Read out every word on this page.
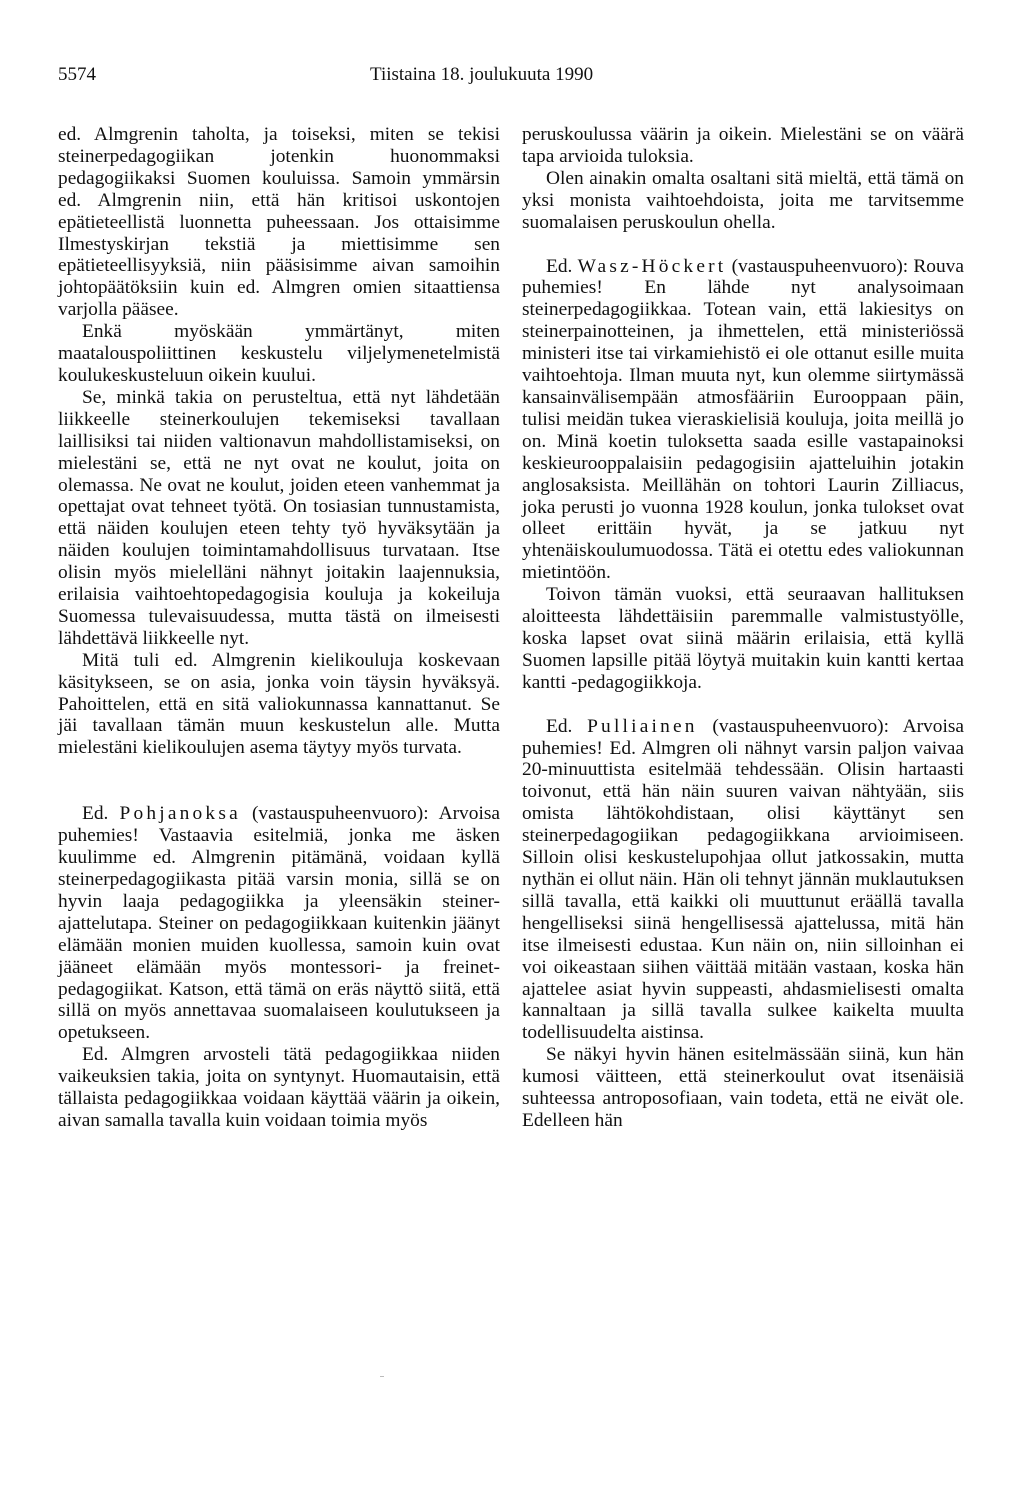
5574	Tiistaina 18. joulukuuta 1990

ed. Almgrenin taholta, ja toiseksi, miten se tekisi steinerpedagogiikan jotenkin huonommaksi pedagogiikaksi Suomen kouluissa. Samoin ymmärsin ed. Almgrenin niin, että hän kritisoi uskontojen epätieteellistä luonnetta puheessaan. Jos ottaisimme Ilmestyskirjan tekstiä ja miettisimme sen epätieteellisyyksiä, niin pääsisimme aivan samoihin johtopäätöksiin kuin ed. Almgren omien sitaattiensa varjolla pääsee.

Enkä myöskään ymmärtänyt, miten maatalouspoliittinen keskustelu viljelymenetelmistä koulukeskusteluun oikein kuului.

Se, minkä takia on perusteltua, että nyt lähdetään liikkeelle steinerkoulujen tekemiseksi tavallaan laillisiksi tai niiden valtionavun mahdollistamiseksi, on mielestäni se, että ne nyt ovat ne koulut, joita on olemassa. Ne ovat ne koulut, joiden eteen vanhemmat ja opettajat ovat tehneet työtä. On tosiasian tunnustamista, että näiden koulujen eteen tehty työ hyväksytään ja näiden koulujen toimintamahdollisuus turvataan. Itse olisin myös mielelläni nähnyt joitakin laajennuksia, erilaisia vaihtoehtopedagogisia kouluja ja kokeiluja Suomessa tulevaisuudessa, mutta tästä on ilmeisesti lähdettävä liikkeelle nyt.

Mitä tuli ed. Almgrenin kielikouluja koskevaan käsitykseen, se on asia, jonka voin täysin hyväksyä. Pahoittelen, että en sitä valiokunnassa kannattanut. Se jäi tavallaan tämän muun keskustelun alle. Mutta mielestäni kielikoulujen asema täytyy myös turvata.

Ed. Pohjanoksa (vastauspuheenvuoro): Arvoisa puhemies! Vastaavia esitelmiä, jonka me äsken kuulimme ed. Almgrenin pitämänä, voidaan kyllä steinerpedagogiikasta pitää varsin monia, sillä se on hyvin laaja pedagogiikka ja yleensäkin steiner-ajattelutapa. Steiner on pedagogiikkaan kuitenkin jäänyt elämään monien muiden kuollessa, samoin kuin ovat jääneet elämään myös montessori- ja freinet-pedagogiikat. Katson, että tämä on eräs näyttö siitä, että sillä on myös annettavaa suomalaiseen koulutukseen ja opetukseen.

Ed. Almgren arvosteli tätä pedagogiikkaa niiden vaikeuksien takia, joita on syntynyt. Huomautaisin, että tällaista pedagogiikkaa voidaan käyttää väärin ja oikein, aivan samalla tavalla kuin voidaan toimia myös

peruskoulussa väärin ja oikein. Mielestäni se on väärä tapa arvioida tuloksia.

Olen ainakin omalta osaltani sitä mieltä, että tämä on yksi monista vaihtoehdoista, joita me tarvitsemme suomalaisen peruskoulun ohella.

Ed. Wasz-Höckert (vastauspuheenvuoro): Rouva puhemies! En lähde nyt analysoimaan steinerpedagogiikkaa. Totean vain, että lakiesitys on steinerpainotteinen, ja ihmettelen, että ministeriössä ministeri itse tai virkamiehistö ei ole ottanut esille muita vaihtoehtoja. Ilman muuta nyt, kun olemme siirtymässä kansainvälisempään atmosfääriin Eurooppaan päin, tulisi meidän tukea vieraskielisiä kouluja, joita meillä jo on. Minä koetin tuloksetta saada esille vastapainoksi keskieurooppalaisiin pedagogisiin ajatteluihin jotakin anglosaksista. Meillähän on tohtori Laurin Zilliacus, joka perusti jo vuonna 1928 koulun, jonka tulokset ovat olleet erittäin hyvät, ja se jatkuu nyt yhtenäiskoulumuodossa. Tätä ei otettu edes valiokunnan mietintöön.

Toivon tämän vuoksi, että seuraavan hallituksen aloitteesta lähdettäisiin paremmalle valmistustyölle, koska lapset ovat siinä määrin erilaisia, että kyllä Suomen lapsille pitää löytyä muitakin kuin kantti kertaa kantti -pedagogiikkoja.

Ed. Pulliainen (vastauspuheenvuoro): Arvoisa puhemies! Ed. Almgren oli nähnyt varsin paljon vaivaa 20-minuuttista esitelmää tehdessään. Olisin hartaasti toivonut, että hän näin suuren vaivan nähtyään, siis omista lähtökohdistaan, olisi käyttänyt sen steinerpedagogiikan pedagogiikkana arvioimiseen. Silloin olisi keskustelupohjaa ollut jatkossakin, mutta nythän ei ollut näin. Hän oli tehnyt jännän muklautuksen sillä tavalla, että kaikki oli muuttunut eräällä tavalla hengelliseksi siinä hengellisessä ajattelussa, mitä hän itse ilmeisesti edustaa. Kun näin on, niin silloinhan ei voi oikeastaan siihen väittää mitään vastaan, koska hän ajattelee asiat hyvin suppeasti, ahdasmielisesti omalta kannaltaan ja sillä tavalla sulkee kaikelta muulta todellisuudelta aistinsa.

Se näkyi hyvin hänen esitelmässään siinä, kun hän kumosi väitteen, että steinerkoulut ovat itsenäisiä suhteessa antroposofiaan, vain todeta, että ne eivät ole. Edelleen hän
